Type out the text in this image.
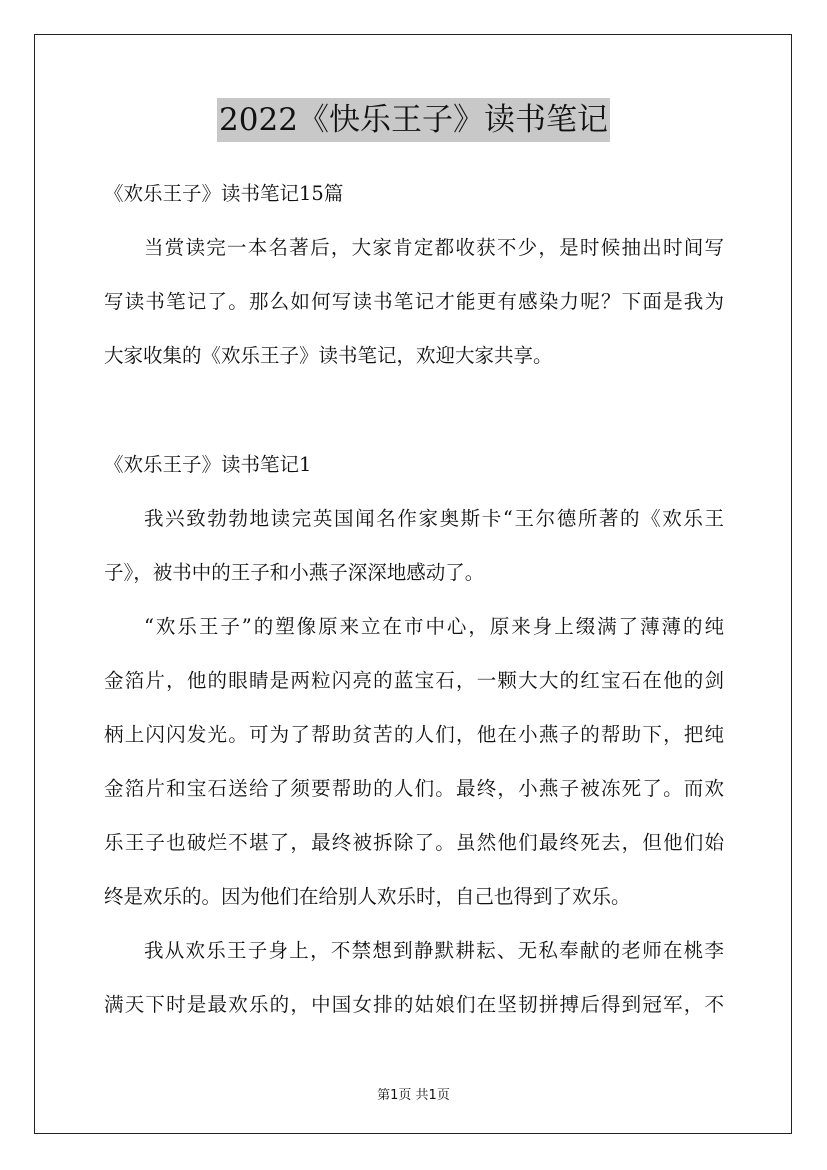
2022《快乐王子》读书笔记
《欢乐王子》读书笔记15篇
当赏读完一本名著后，大家肯定都收获不少，是时候抽出时间写
写读书笔记了。那么如何写读书笔记才能更有感染力呢？下面是我为
大家收集的《欢乐王子》读书笔记，欢迎大家共享。
《欢乐王子》读书笔记1
我兴致勃勃地读完英国闻名作家奥斯卡“王尔德所著的《欢乐王
子》，被书中的王子和小燕子深深地感动了。
“欢乐王子”的塑像原来立在市中心，原来身上缀满了薄薄的纯
金箔片，他的眼睛是两粒闪亮的蓝宝石，一颗大大的红宝石在他的剑
柄上闪闪发光。可为了帮助贫苦的人们，他在小燕子的帮助下，把纯
金箔片和宝石送给了须要帮助的人们。最终，小燕子被冻死了。而欢
乐王子也破烂不堪了，最终被拆除了。虽然他们最终死去，但他们始
终是欢乐的。因为他们在给别人欢乐时，自己也得到了欢乐。
我从欢乐王子身上，不禁想到静默耕耘、无私奉献的老师在桃李
满天下时是最欢乐的，中国女排的姑娘们在坚韧拼搏后得到冠军，不
第1页 共1页
